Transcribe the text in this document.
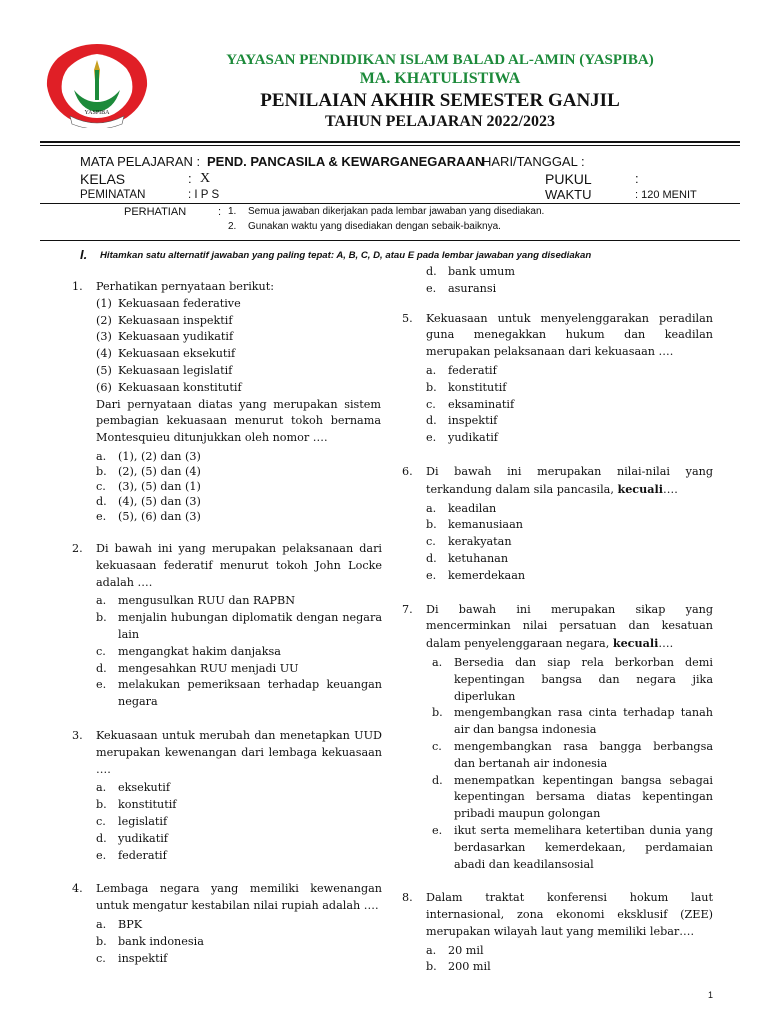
YASPIBA
YAYASAN PENDIDIKAN ISLAM BALAD AL-AMIN (YASPIBA)
MA. KHATULISTIWA
PENILAIAN AKHIR SEMESTER GANJIL
TAHUN PELAJARAN 2022/2023
MATA PELAJARAN : PEND. PANCASILA & KEWARGANEGARAAN
HARI/TANGGAL :
KELAS	: X	PUKUL	:
PEMINATAN	: I P S	WAKTU	: 120 MENIT
PERHATIAN	: 1.	Semua jawaban dikerjakan pada lembar jawaban yang disediakan.
2.	Gunakan waktu yang disediakan dengan sebaik-baiknya.
I. Hitamkan satu alternatif jawaban yang paling tepat: A, B, C, D, atau E pada lembar jawaban yang disediakan
1. Perhatikan pernyataan berikut:
(1) Kekuasaan federative
(2) Kekuasaan inspektif
(3) Kekuasaan yudikatif
(4) Kekuasaan eksekutif
(5) Kekuasaan legislatif
(6) Kekuasaan konstitutif
Dari pernyataan diatas yang merupakan sistem pembagian kekuasaan menurut tokoh bernama Montesquieu ditunjukkan oleh nomor ….
a.	(1), (2) dan (3)
b.	(2), (5) dan (4)
c.	(3), (5) dan (1)
d.	(4), (5) dan (3)
e.	(5), (6) dan (3)
2. Di bawah ini yang merupakan pelaksanaan dari kekuasaan federatif menurut tokoh John Locke adalah ….
a.	mengusulkan RUU dan RAPBN
b.	menjalin hubungan diplomatik dengan negara lain
c.	mengangkat hakim danjaksa
d.	mengesahkan RUU menjadi UU
e.	melakukan pemeriksaan terhadap keuangan negara
3. Kekuasaan untuk merubah dan menetapkan UUD merupakan kewenangan dari lembaga kekuasaan ….
a.	eksekutif
b.	konstitutif
c.	legislatif
d.	yudikatif
e.	federatif
4. Lembaga negara yang memiliki kewenangan untuk mengatur kestabilan nilai rupiah adalah ….
a.	BPK
b.	bank indonesia
c.	inspektif
d.	bank umum
e.	asuransi
5. Kekuasaan untuk menyelenggarakan peradilan guna menegakkan hukum dan keadilan merupakan pelaksanaan dari kekuasaan ….
a.	federatif
b.	konstitutif
c.	eksaminatif
d.	inspektif
e.	yudikatif
6. Di bawah ini merupakan nilai-nilai yang terkandung dalam sila pancasila, kecuali….
a.	keadilan
b.	kemanusiaan
c.	kerakyatan
d.	ketuhanan
e.	kemerdekaan
7. Di bawah ini merupakan sikap yang mencerminkan nilai persatuan dan kesatuan dalam penyelenggaraan negara, kecuali….
a.	Bersedia dan siap rela berkorban demi kepentingan bangsa dan negara jika diperlukan
b.	mengembangkan rasa cinta terhadap tanah air dan bangsa indonesia
c.	mengembangkan rasa bangga berbangsa dan bertanah air indonesia
d.	menempatkan kepentingan bangsa sebagai kepentingan bersama diatas kepentingan pribadi maupun golongan
e.	ikut serta memelihara ketertiban dunia yang berdasarkan kemerdekaan, perdamaian abadi dan keadilansosial
8. Dalam traktat konferensi hokum laut internasional, zona ekonomi eksklusif (ZEE) merupakan wilayah laut yang memiliki lebar….
a.	20 mil
b.	200 mil
1
